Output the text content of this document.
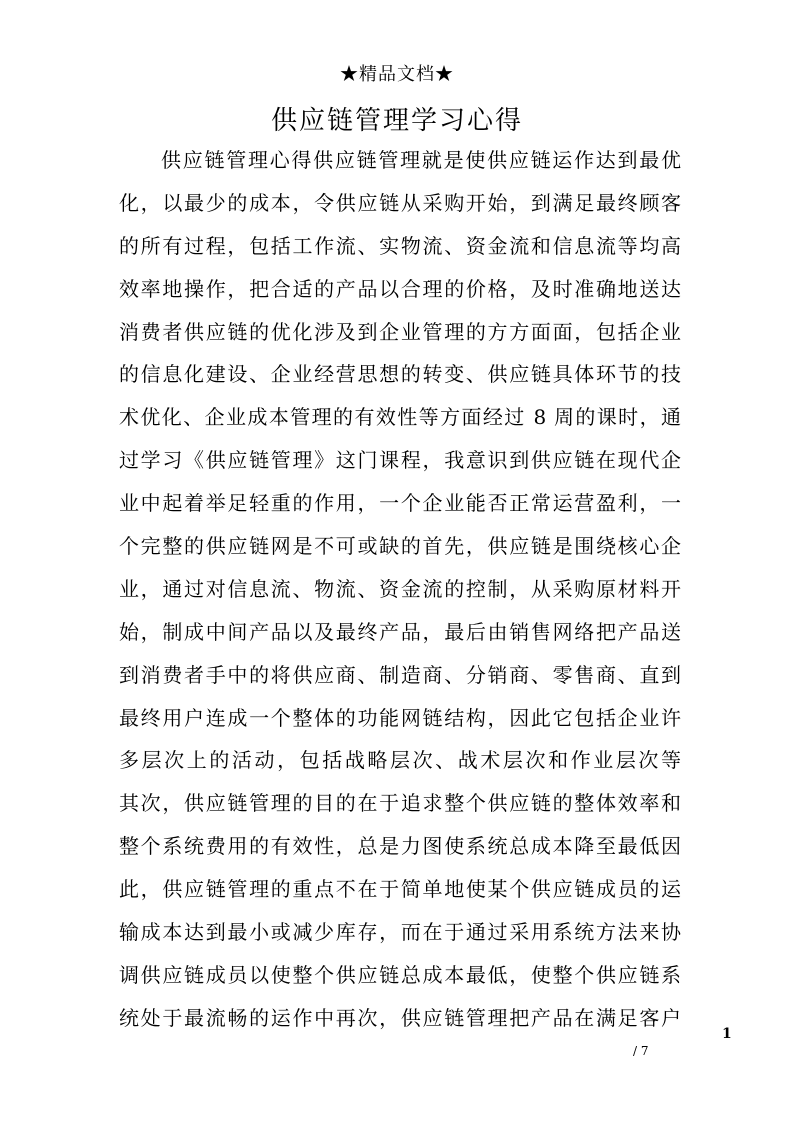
★精品文档★
供应链管理学习心得
供应链管理心得供应链管理就是使供应链运作达到最优
化，以最少的成本，令供应链从采购开始，到满足最终顾客
的所有过程，包括工作流、实物流、资金流和信息流等均高
效率地操作，把合适的产品以合理的价格，及时准确地送达
消费者供应链的优化涉及到企业管理的方方面面，包括企业
的信息化建设、企业经营思想的转变、供应链具体环节的技
术优化、企业成本管理的有效性等方面经过 8 周的课时，通
过学习《供应链管理》这门课程，我意识到供应链在现代企
业中起着举足轻重的作用，一个企业能否正常运营盈利，一
个完整的供应链网是不可或缺的首先，供应链是围绕核心企
业，通过对信息流、物流、资金流的控制，从采购原材料开
始，制成中间产品以及最终产品，最后由销售网络把产品送
到消费者手中的将供应商、制造商、分销商、零售商、直到
最终用户连成一个整体的功能网链结构，因此它包括企业许
多层次上的活动，包括战略层次、战术层次和作业层次等
其次，供应链管理的目的在于追求整个供应链的整体效率和
整个系统费用的有效性，总是力图使系统总成本降至最低因
此，供应链管理的重点不在于简单地使某个供应链成员的运
输成本达到最小或减少库存，而在于通过采用系统方法来协
调供应链成员以使整个供应链总成本最低，使整个供应链系
统处于最流畅的运作中再次，供应链管理把产品在满足客户
1
/ 7
